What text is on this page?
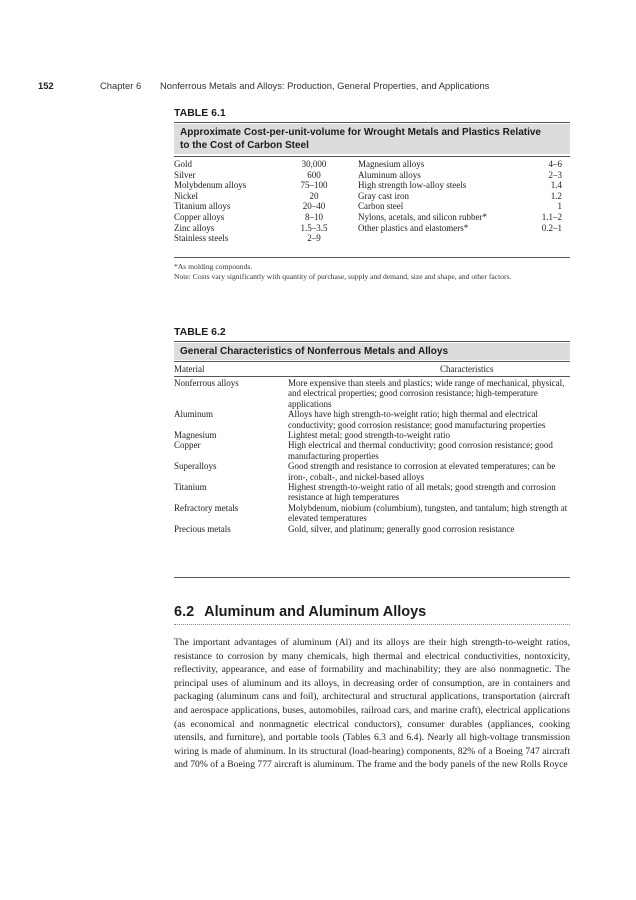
152	Chapter 6 Nonferrous Metals and Alloys: Production, General Properties, and Applications
TABLE 6.1
Approximate Cost-per-unit-volume for Wrought Metals and Plastics Relative
to the Cost of Carbon Steel
Gold	30,000	Magnesium alloys	4–6
Silver	600	Aluminum alloys	2–3
Molybdenum alloys	75–100	High strength low-alloy steels	1.4
Nickel	20	Gray cast iron	1.2
Titanium alloys	20–40	Carbon steel	1
Copper alloys	8–10	Nylons, acetals, and silicon rubber*	1.1–2
Zinc alloys	1.5–3.5	Other plastics and elastomers*	0.2–1
Stainless steels	2–9
*As molding compounds.
Note: Costs vary significantly with quantity of purchase, supply and demand, size and shape, and other factors.
TABLE 6.2
General Characteristics of Nonferrous Metals and Alloys
Material	Characteristics
Nonferrous alloys	More expensive than steels and plastics; wide range of mechanical, physical, and electrical properties; good corrosion resistance; high-temperature applications
Aluminum	Alloys have high strength-to-weight ratio; high thermal and electrical conductivity; good corrosion resistance; good manufacturing properties
Magnesium	Lightest metal; good strength-to-weight ratio
Copper	High electrical and thermal conductivity; good corrosion resistance; good manufacturing properties
Superalloys	Good strength and resistance to corrosion at elevated temperatures; can be iron-, cobalt-, and nickel-based alloys
Titanium	Highest strength-to-weight ratio of all metals; good strength and corrosion resistance at high temperatures
Refractory metals	Molybdenum, niobium (columbium), tungsten, and tantalum; high strength at elevated temperatures
Precious metals	Gold, silver, and platinum; generally good corrosion resistance
6.2 Aluminum and Aluminum Alloys
The important advantages of aluminum (Al) and its alloys are their high strength-to-weight ratios, resistance to corrosion by many chemicals, high thermal and electrical conductivities, nontoxicity, reflectivity, appearance, and ease of formability and machinability; they are also nonmagnetic. The principal uses of aluminum and its alloys, in decreasing order of consumption, are in containers and packaging (aluminum cans and foil), architectural and structural applications, transportation (aircraft and aerospace applications, buses, automobiles, railroad cars, and marine craft), electrical applications (as economical and nonmagnetic electrical conductors), consumer durables (appliances, cooking utensils, and furniture), and portable tools (Tables 6.3 and 6.4). Nearly all high-voltage transmission wiring is made of aluminum. In its structural (load-bearing) components, 82% of a Boeing 747 aircraft and 70% of a Boeing 777 aircraft is aluminum. The frame and the body panels of the new Rolls Royce
